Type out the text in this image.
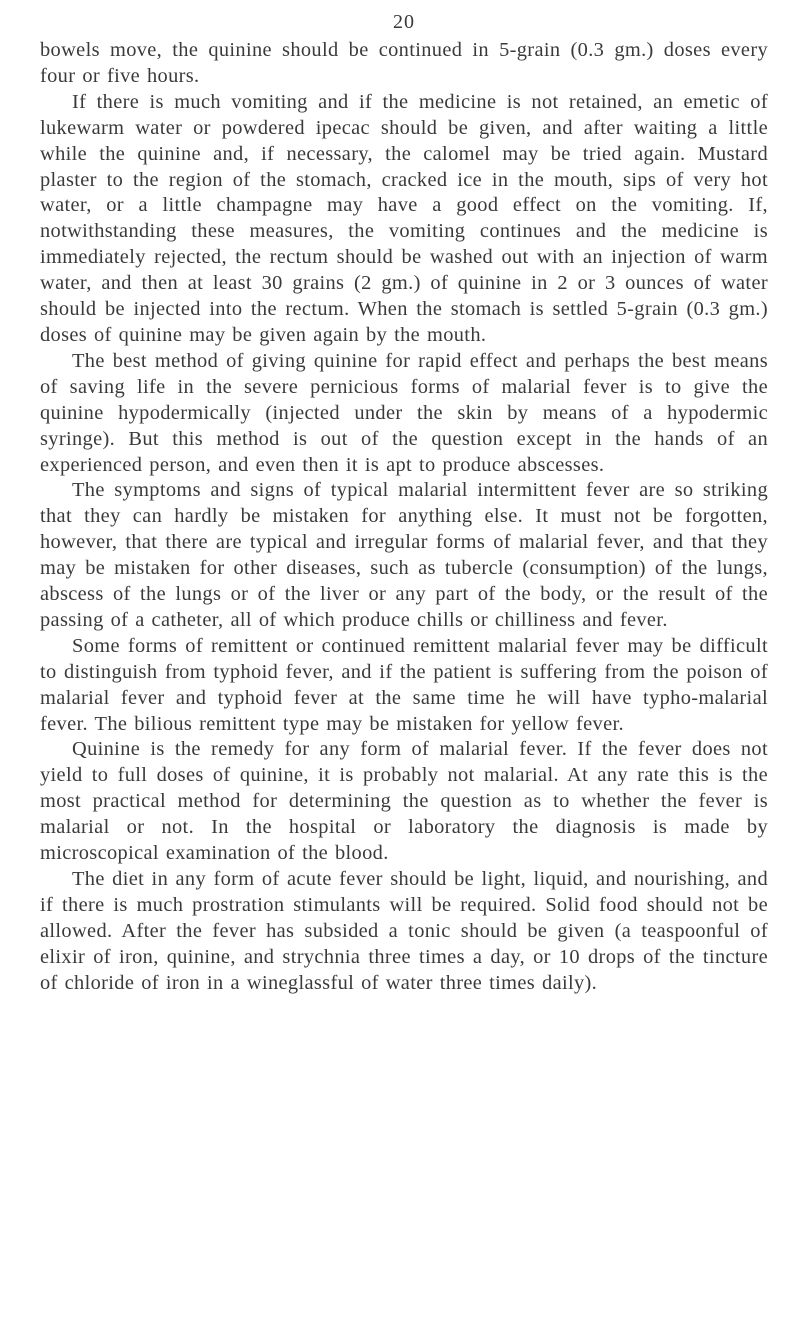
20

bowels move, the quinine should be continued in 5-grain (0.3 gm.) doses every four or five hours.

If there is much vomiting and if the medicine is not retained, an emetic of lukewarm water or powdered ipecac should be given, and after waiting a little while the quinine and, if necessary, the calomel may be tried again. Mustard plaster to the region of the stomach, cracked ice in the mouth, sips of very hot water, or a little champagne may have a good effect on the vomiting. If, notwithstanding these measures, the vomiting continues and the medicine is immediately rejected, the rectum should be washed out with an injection of warm water, and then at least 30 grains (2 gm.) of quinine in 2 or 3 ounces of water should be injected into the rectum. When the stomach is settled 5-grain (0.3 gm.) doses of quinine may be given again by the mouth.

The best method of giving quinine for rapid effect and perhaps the best means of saving life in the severe pernicious forms of malarial fever is to give the quinine hypodermically (injected under the skin by means of a hypodermic syringe). But this method is out of the question except in the hands of an experienced person, and even then it is apt to produce abscesses.

The symptoms and signs of typical malarial intermittent fever are so striking that they can hardly be mistaken for anything else. It must not be forgotten, however, that there are typical and irregular forms of malarial fever, and that they may be mistaken for other diseases, such as tubercle (consumption) of the lungs, abscess of the lungs or of the liver or any part of the body, or the result of the passing of a catheter, all of which produce chills or chilliness and fever.

Some forms of remittent or continued remittent malarial fever may be difficult to distinguish from typhoid fever, and if the patient is suffering from the poison of malarial fever and typhoid fever at the same time he will have typho-malarial fever. The bilious remittent type may be mistaken for yellow fever.

Quinine is the remedy for any form of malarial fever. If the fever does not yield to full doses of quinine, it is probably not malarial. At any rate this is the most practical method for determining the question as to whether the fever is malarial or not. In the hospital or laboratory the diagnosis is made by microscopical examination of the blood.

The diet in any form of acute fever should be light, liquid, and nourishing, and if there is much prostration stimulants will be required. Solid food should not be allowed. After the fever has subsided a tonic should be given (a teaspoonful of elixir of iron, quinine, and strychnia three times a day, or 10 drops of the tincture of chloride of iron in a wineglassful of water three times daily).
